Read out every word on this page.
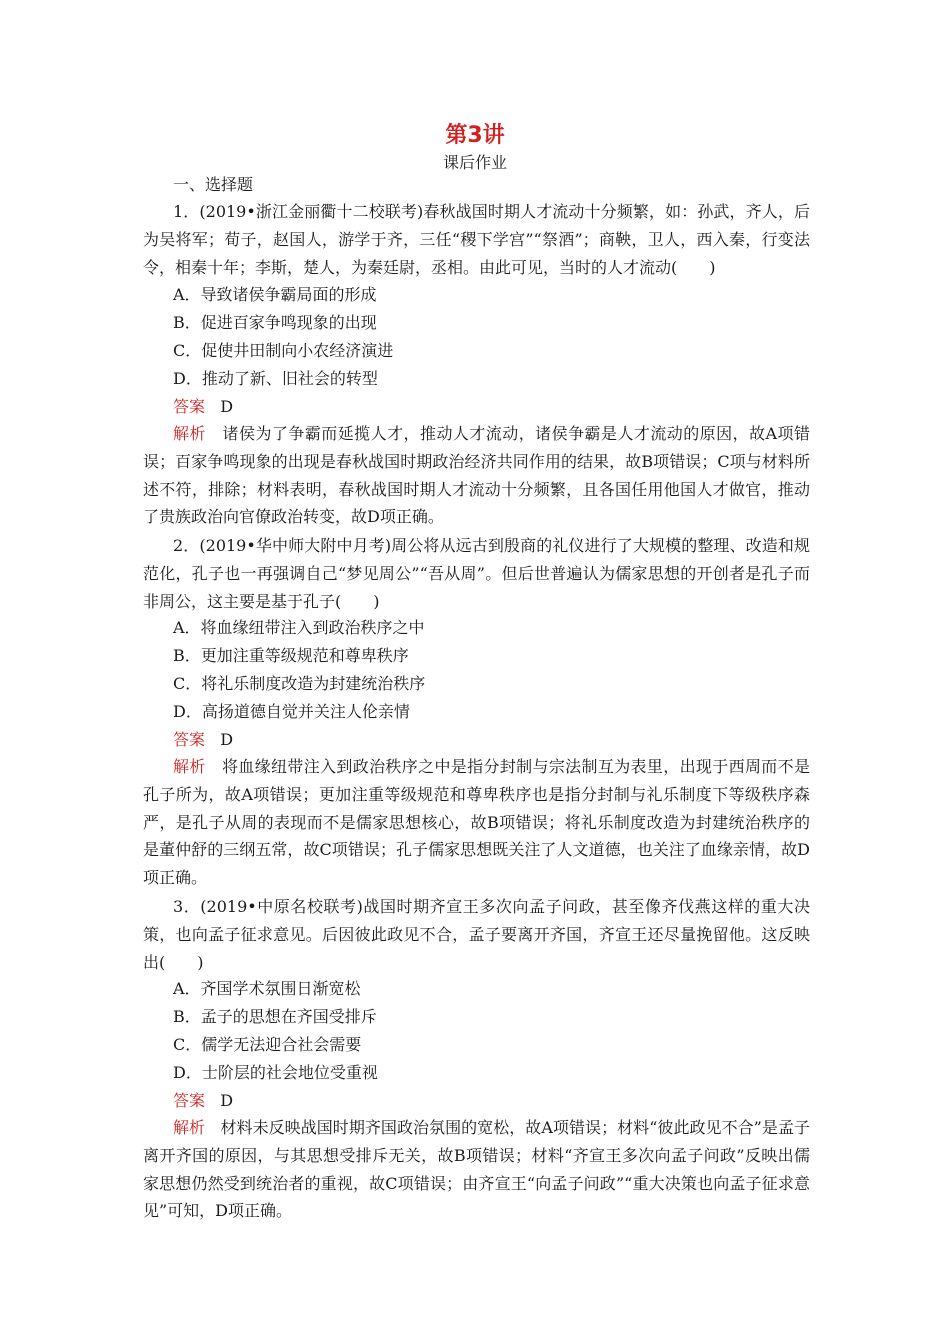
第3讲
课后作业
一、选择题

1．(2019•浙江金丽衢十二校联考)春秋战国时期人才流动十分频繁，如：孙武，齐人，后为吴将军；荀子，赵国人，游学于齐，三任“稷下学宫”“祭酒”；商鞅，卫人，西入秦，行变法令，相秦十年；李斯，楚人，为秦廷尉，丞相。由此可见，当时的人才流动(　　)

A．导致诸侯争霸局面的形成
B．促进百家争鸣现象的出现
C．促使井田制向小农经济演进
D．推动了新、旧社会的转型
答案 D

解析 诸侯为了争霸而延揽人才，推动人才流动，诸侯争霸是人才流动的原因，故A项错误；百家争鸣现象的出现是春秋战国时期政治经济共同作用的结果，故B项错误；C项与材料所述不符，排除；材料表明，春秋战国时期人才流动十分频繁，且各国任用他国人才做官，推动了贵族政治向官僚政治转变，故D项正确。

2．(2019•华中师大附中月考)周公将从远古到殷商的礼仪进行了大规模的整理、改造和规范化，孔子也一再强调自己“梦见周公”“吾从周”。但后世普遍认为儒家思想的开创者是孔子而非周公，这主要是基于孔子(　　)

A．将血缘纽带注入到政治秩序之中
B．更加注重等级规范和尊卑秩序
C．将礼乐制度改造为封建统治秩序
D．高扬道德自觉并关注人伦亲情
答案 D

解析 将血缘纽带注入到政治秩序之中是指分封制与宗法制互为表里，出现于西周而不是孔子所为，故A项错误；更加注重等级规范和尊卑秩序也是指分封制与礼乐制度下等级秩序森严，是孔子从周的表现而不是儒家思想核心，故B项错误；将礼乐制度改造为封建统治秩序的是董仲舒的三纲五常，故C项错误；孔子儒家思想既关注了人文道德，也关注了血缘亲情，故D项正确。

3．(2019•中原名校联考)战国时期齐宣王多次向孟子问政，甚至像齐伐燕这样的重大决策，也向孟子征求意见。后因彼此政见不合，孟子要离开齐国，齐宣王还尽量挽留他。这反映出(　　)

A．齐国学术氛围日渐宽松
B．孟子的思想在齐国受排斥
C．儒学无法迎合社会需要
D．士阶层的社会地位受重视
答案 D

解析 材料未反映战国时期齐国政治氛围的宽松，故A项错误；材料“彼此政见不合”是孟子离开齐国的原因，与其思想受排斥无关，故B项错误；材料“齐宣王多次向孟子问政”反映出儒家思想仍然受到统治者的重视，故C项错误；由齐宣王“向孟子问政”“重大决策也向孟子征求意见”可知，D项正确。
